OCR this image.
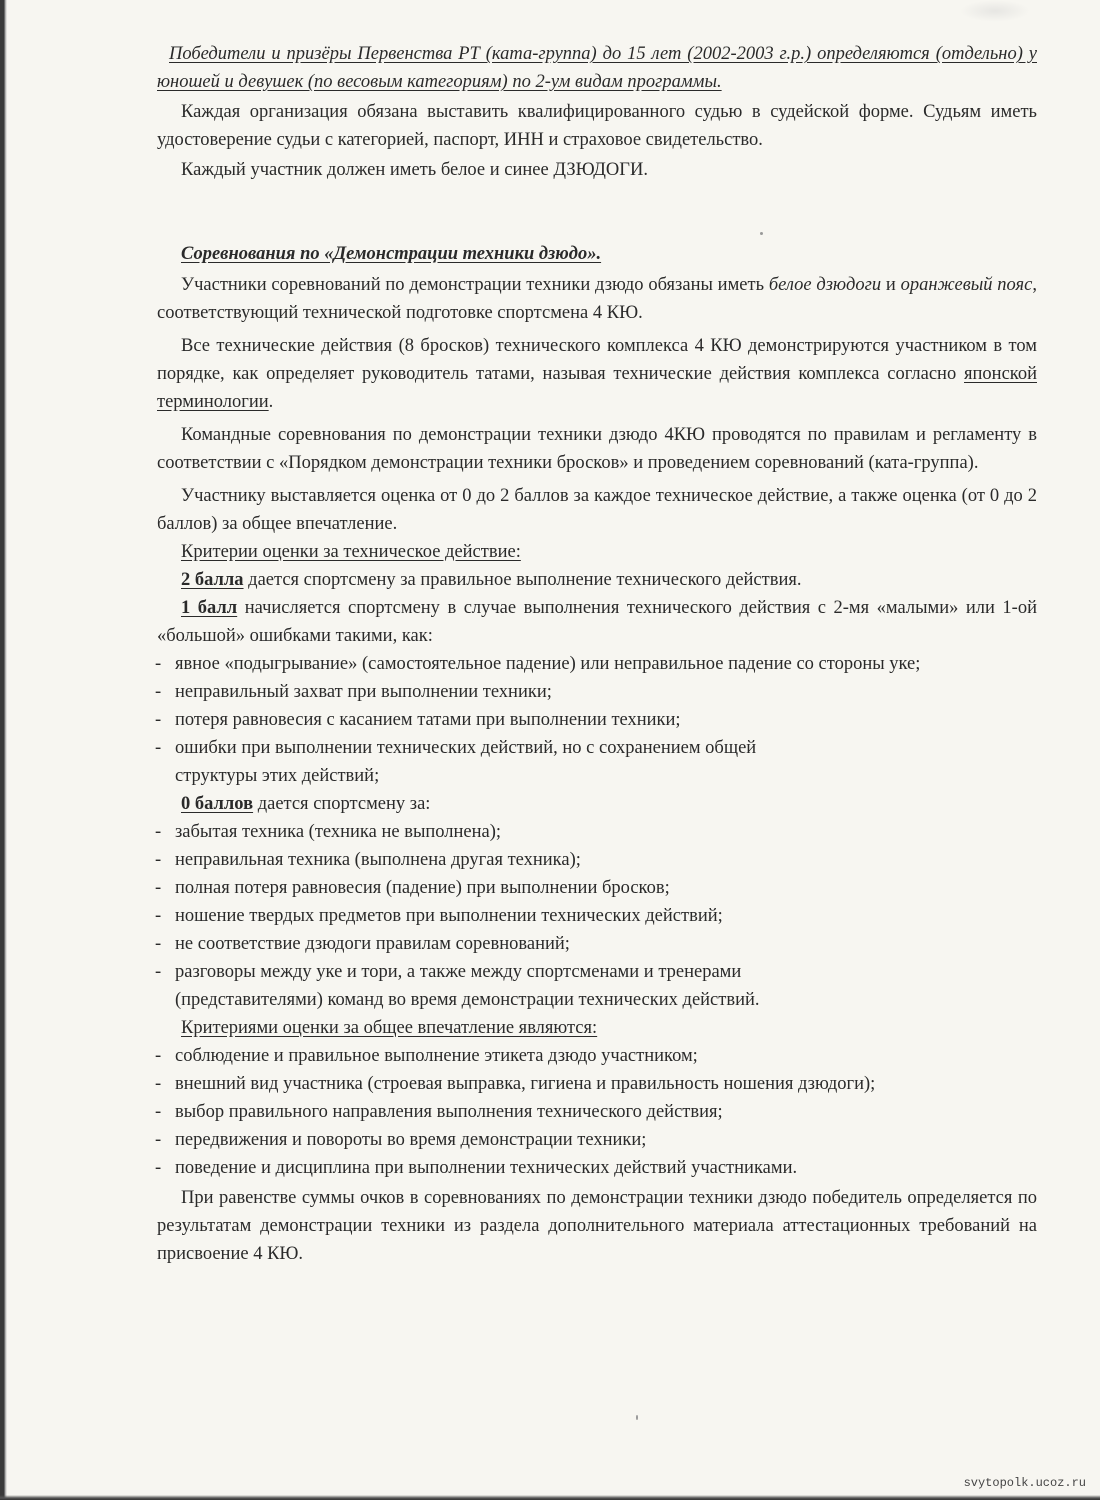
Победители и призёры Первенства РТ (ката-группа) до 15 лет (2002-2003 г.р.) определяются (отдельно) у юношей и девушек (по весовым категориям) по 2-ум видам программы.

Каждая организация обязана выставить квалифицированного судью в судейской форме. Судьям иметь удостоверение судьи с категорией, паспорт, ИНН и страховое свидетельство.

Каждый участник должен иметь белое и синее ДЗЮДОГИ.

Соревнования по «Демонстрации техники дзюдо».

Участники соревнований по демонстрации техники дзюдо обязаны иметь белое дзюдоги и оранжевый пояс, соответствующий технической подготовке спортсмена 4 КЮ.

Все технические действия (8 бросков) технического комплекса 4 КЮ демонстрируются участником в том порядке, как определяет руководитель татами, называя технические действия комплекса согласно японской терминологии.

Командные соревнования по демонстрации техники дзюдо 4КЮ проводятся по правилам и регламенту в соответствии с «Порядком демонстрации техники бросков» и проведением соревнований (ката-группа).

Участнику выставляется оценка от 0 до 2 баллов за каждое техническое действие, а также оценка (от 0 до 2 баллов) за общее впечатление.

Критерии оценки за техническое действие:

2 балла дается спортсмену за правильное выполнение технического действия.

1 балл начисляется спортсмену в случае выполнения технического действия с 2-мя «малыми» или 1-ой «большой» ошибками такими, как:

- явное «подыгрывание» (самостоятельное падение) или неправильное падение со стороны уке;
- неправильный захват при выполнении техники;
- потеря равновесия с касанием татами при выполнении техники;
- ошибки при выполнении технических действий, но с сохранением общей структуры этих действий;

0 баллов дается спортсмену за:

- забытая техника (техника не выполнена);
- неправильная техника (выполнена другая техника);
- полная потеря равновесия (падение) при выполнении бросков;
- ношение твердых предметов при выполнении технических действий;
- не соответствие дзюдоги правилам соревнований;
- разговоры между уке и тори, а также между спортсменами и тренерами (представителями) команд во время демонстрации технических действий.

Критериями оценки за общее впечатление являются:

- соблюдение и правильное выполнение этикета дзюдо участником;
- внешний вид участника (строевая выправка, гигиена и правильность ношения дзюдоги);
- выбор правильного направления выполнения технического действия;
- передвижения и повороты во время демонстрации техники;
- поведение и дисциплина при выполнении технических действий участниками.

При равенстве суммы очков в соревнованиях по демонстрации техники дзюдо победитель определяется по результатам демонстрации техники из раздела дополнительного материала аттестационных требований на присвоение 4 КЮ.

svytopolk.ucoz.ru
